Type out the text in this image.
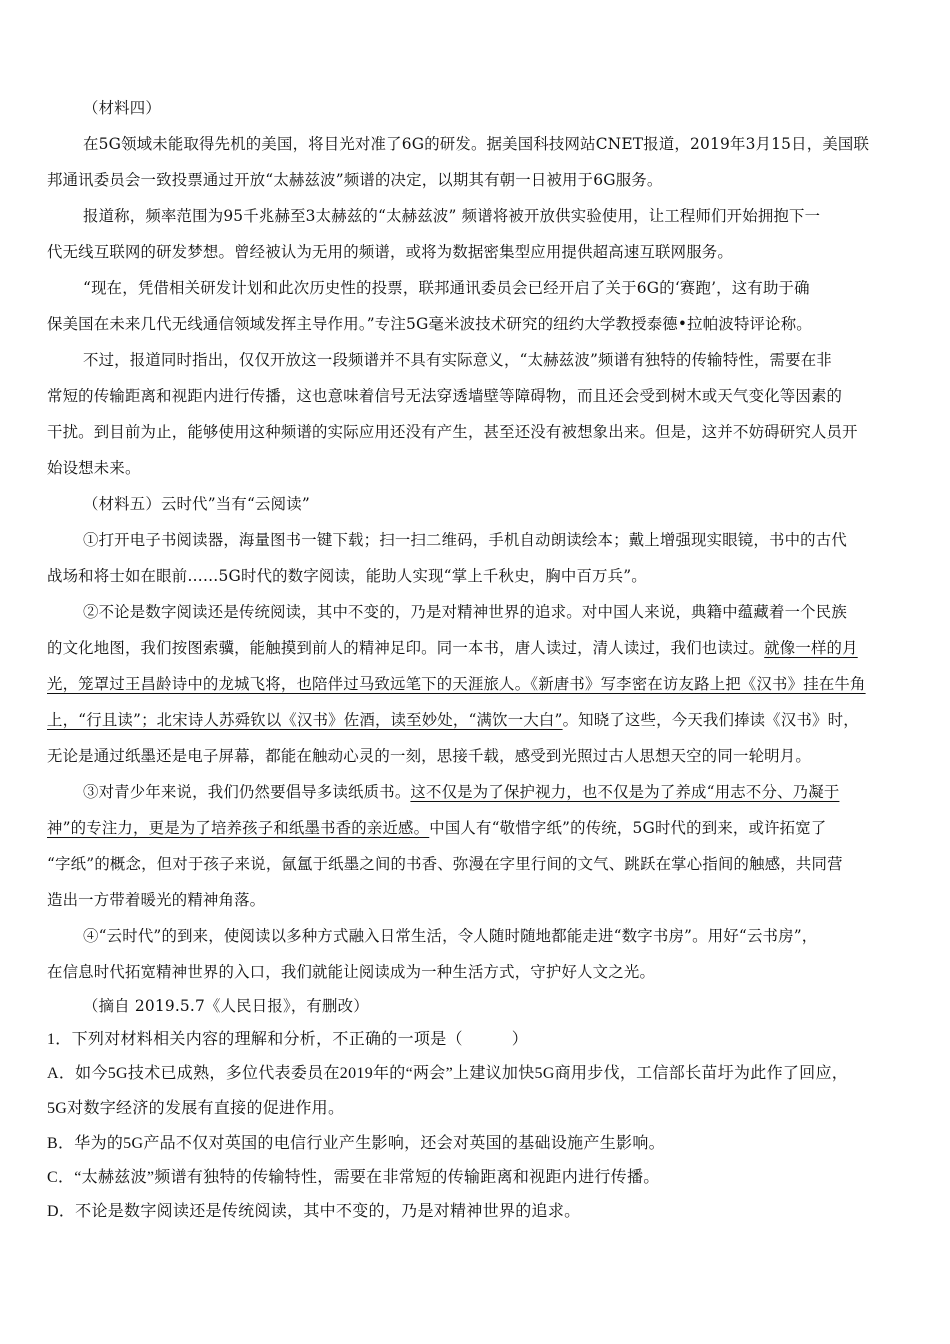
（材料四）
在5G领域未能取得先机的美国，将目光对准了6G的研发。据美国科技网站CNET报道，2019年3月15日，美国联
邦通讯委员会一致投票通过开放“太赫兹波”频谱的决定，以期其有朝一日被用于6G服务。
报道称，频率范围为95千兆赫至3太赫兹的“太赫兹波” 频谱将被开放供实验使用，让工程师们开始拥抱下一
代无线互联网的研发梦想。曾经被认为无用的频谱，或将为数据密集型应用提供超高速互联网服务。
“现在，凭借相关研发计划和此次历史性的投票，联邦通讯委员会已经开启了关于6G的‘赛跑’，这有助于确
保美国在未来几代无线通信领域发挥主导作用。”专注5G毫米波技术研究的纽约大学教授泰德•拉帕波特评论称。
不过，报道同时指出，仅仅开放这一段频谱并不具有实际意义，“太赫兹波”频谱有独特的传输特性，需要在非
常短的传输距离和视距内进行传播，这也意味着信号无法穿透墙壁等障碍物，而且还会受到树木或天气变化等因素的
干扰。到目前为止，能够使用这种频谱的实际应用还没有产生，甚至还没有被想象出来。但是，这并不妨碍研究人员开
始设想未来。
（材料五）云时代”当有“云阅读”
①打开电子书阅读器，海量图书一键下载；扫一扫二维码，手机自动朗读绘本；戴上增强现实眼镜，书中的古代
战场和将士如在眼前……5G时代的数字阅读，能助人实现“掌上千秋史，胸中百万兵”。
②不论是数字阅读还是传统阅读，其中不变的，乃是对精神世界的追求。对中国人来说，典籍中蕴藏着一个民族
的文化地图，我们按图索骥，能触摸到前人的精神足印。同一本书，唐人读过，清人读过，我们也读过。就像一样的月
光，笼罩过王昌龄诗中的龙城飞将，也陪伴过马致远笔下的天涯旅人。《新唐书》写李密在访友路上把《汉书》挂在牛角
上，“行且读”；北宋诗人苏舜钦以《汉书》佐酒，读至妙处，“满饮一大白”。知晓了这些，今天我们捧读《汉书》时，
无论是通过纸墨还是电子屏幕，都能在触动心灵的一刻，思接千载，感受到光照过古人思想天空的同一轮明月。
③对青少年来说，我们仍然要倡导多读纸质书。这不仅是为了保护视力，也不仅是为了养成“用志不分、乃凝于
神”的专注力，更是为了培养孩子和纸墨书香的亲近感。中国人有“敬惜字纸”的传统，5G时代的到来，或许拓宽了
“字纸”的概念，但对于孩子来说，氤氲于纸墨之间的书香、弥漫在字里行间的文气、跳跃在掌心指间的触感，共同营
造出一方带着暖光的精神角落。
④“云时代”的到来，使阅读以多种方式融入日常生活，令人随时随地都能走进“数字书房”。用好“云书房”，
在信息时代拓宽精神世界的入口，我们就能让阅读成为一种生活方式，守护好人文之光。
（摘自 2019.5.7《人民日报》，有删改）
1．下列对材料相关内容的理解和分析，不正确的一项是（　　　）
A．如今5G技术已成熟，多位代表委员在2019年的“两会”上建议加快5G商用步伐，工信部长苗圩为此作了回应，
5G对数字经济的发展有直接的促进作用。
B．华为的5G产品不仅对英国的电信行业产生影响，还会对英国的基础设施产生影响。
C．“太赫兹波”频谱有独特的传输特性，需要在非常短的传输距离和视距内进行传播。
D．不论是数字阅读还是传统阅读，其中不变的，乃是对精神世界的追求。
